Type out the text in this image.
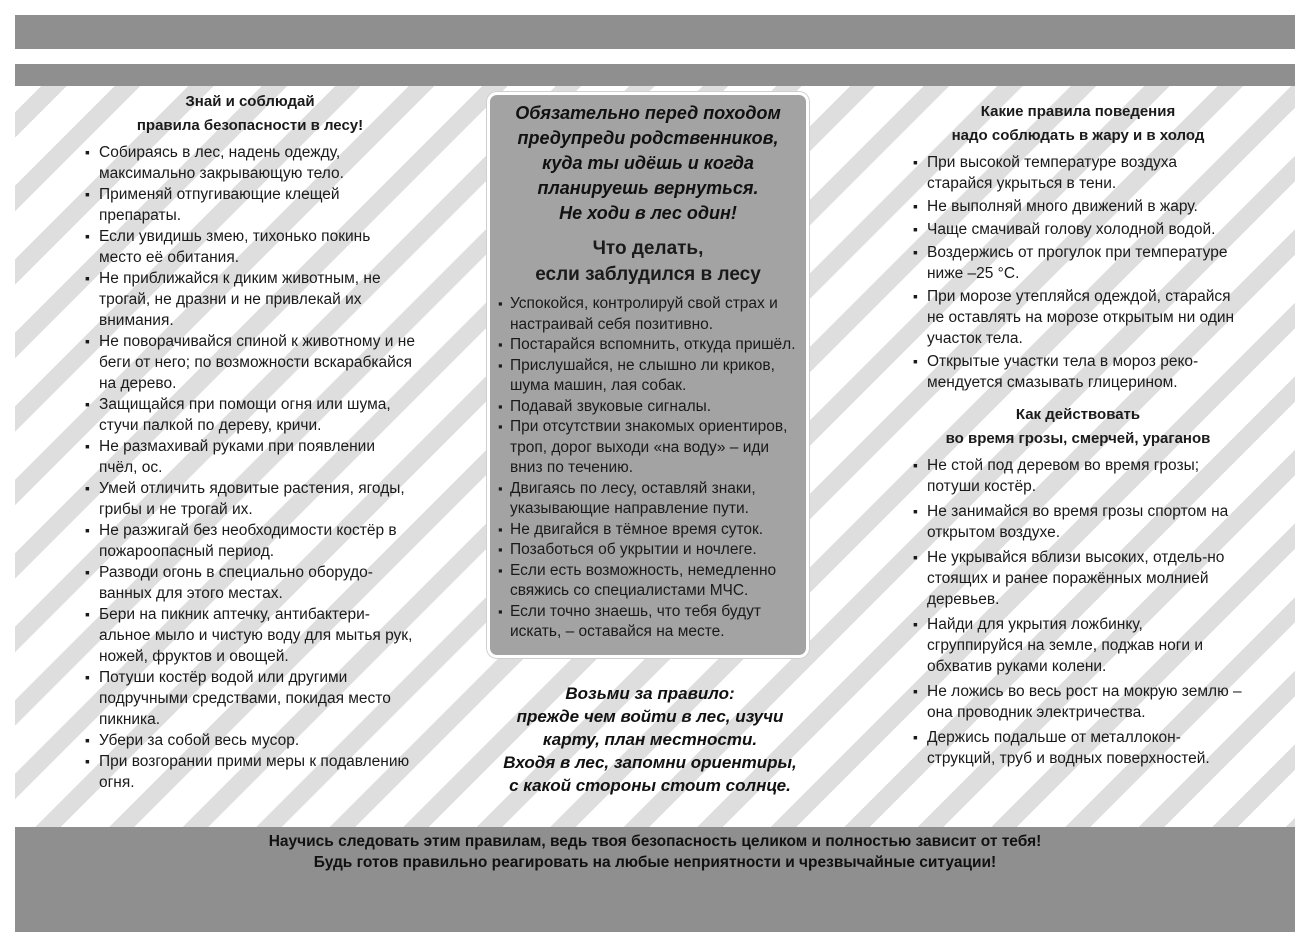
Знай и соблюдай
правила безопасности в лесу!
▪ Собираясь в лес, надень одежду, максимально закрывающую тело.
▪ Применяй отпугивающие клещей препараты.
▪ Если увидишь змею, тихонько покинь место её обитания.
▪ Не приближайся к диким животным, не трогай, не дразни и не привлекай их внимания.
▪ Не поворачивайся спиной к животному и не беги от него; по возможности вскарабкайся на дерево.
▪ Защищайся при помощи огня или шума, стучи палкой по дереву, кричи.
▪ Не размахивай руками при появлении пчёл, ос.
▪ Умей отличить ядовитые растения, ягоды, грибы и не трогай их.
▪ Не разжигай без необходимости костёр в пожароопасный период.
▪ Разводи огонь в специально оборудо-ванных для этого местах.
▪ Бери на пикник аптечку, антибактери-альное мыло и чистую воду для мытья рук, ножей, фруктов и овощей.
▪ Потуши костёр водой или другими подручными средствами, покидая место пикника.
▪ Убери за собой весь мусор.
▪ При возгорании прими меры к подавлению огня.
Обязательно перед походом
предупреди родственников,
куда ты идёшь и когда
планируешь вернуться.
Не ходи в лес один!
Что делать,
если заблудился в лесу
▪ Успокойся, контролируй свой страх и настраивай себя позитивно.
▪ Постарайся вспомнить, откуда пришёл.
▪ Прислушайся, не слышно ли криков, шума машин, лая собак.
▪ Подавай звуковые сигналы.
▪ При отсутствии знакомых ориентиров, троп, дорог выходи «на воду» – иди вниз по течению.
▪ Двигаясь по лесу, оставляй знаки, указывающие направление пути.
▪ Не двигайся в тёмное время суток.
▪ Позаботься об укрытии и ночлеге.
▪ Если есть возможность, немедленно свяжись со специалистами МЧС.
▪ Если точно знаешь, что тебя будут искать, – оставайся на месте.
Возьми за правило:
прежде чем войти в лес, изучи
карту, план местности.
Входя в лес, запомни ориентиры,
с какой стороны стоит солнце.
Какие правила поведения
надо соблюдать в жару и в холод
▪ При высокой температуре воздуха старайся укрыться в тени.
▪ Не выполняй много движений в жару.
▪ Чаще смачивай голову холодной водой.
▪ Воздержись от прогулок при температуре ниже –25 °С.
▪ При морозе утепляйся одеждой, старайся не оставлять на морозе открытым ни один участок тела.
▪ Открытые участки тела в мороз реко-мендуется смазывать глицерином.
Как действовать
во время грозы, смерчей, ураганов
▪ Не стой под деревом во время грозы; потуши костёр.
▪ Не занимайся во время грозы спортом на открытом воздухе.
▪ Не укрывайся вблизи высоких, отдель-но стоящих и ранее поражённых молнией деревьев.
▪ Найди для укрытия ложбинку, сгруппируйся на земле, поджав ноги и обхватив руками колени.
▪ Не ложись во весь рост на мокрую землю – она проводник электричества.
▪ Держись подальше от металлокон-струкций, труб и водных поверхностей.

Научись следовать этим правилам, ведь твоя безопасность целиком и полностью зависит от тебя!

Будь готов правильно реагировать на любые неприятности и чрезвычайные ситуации!
